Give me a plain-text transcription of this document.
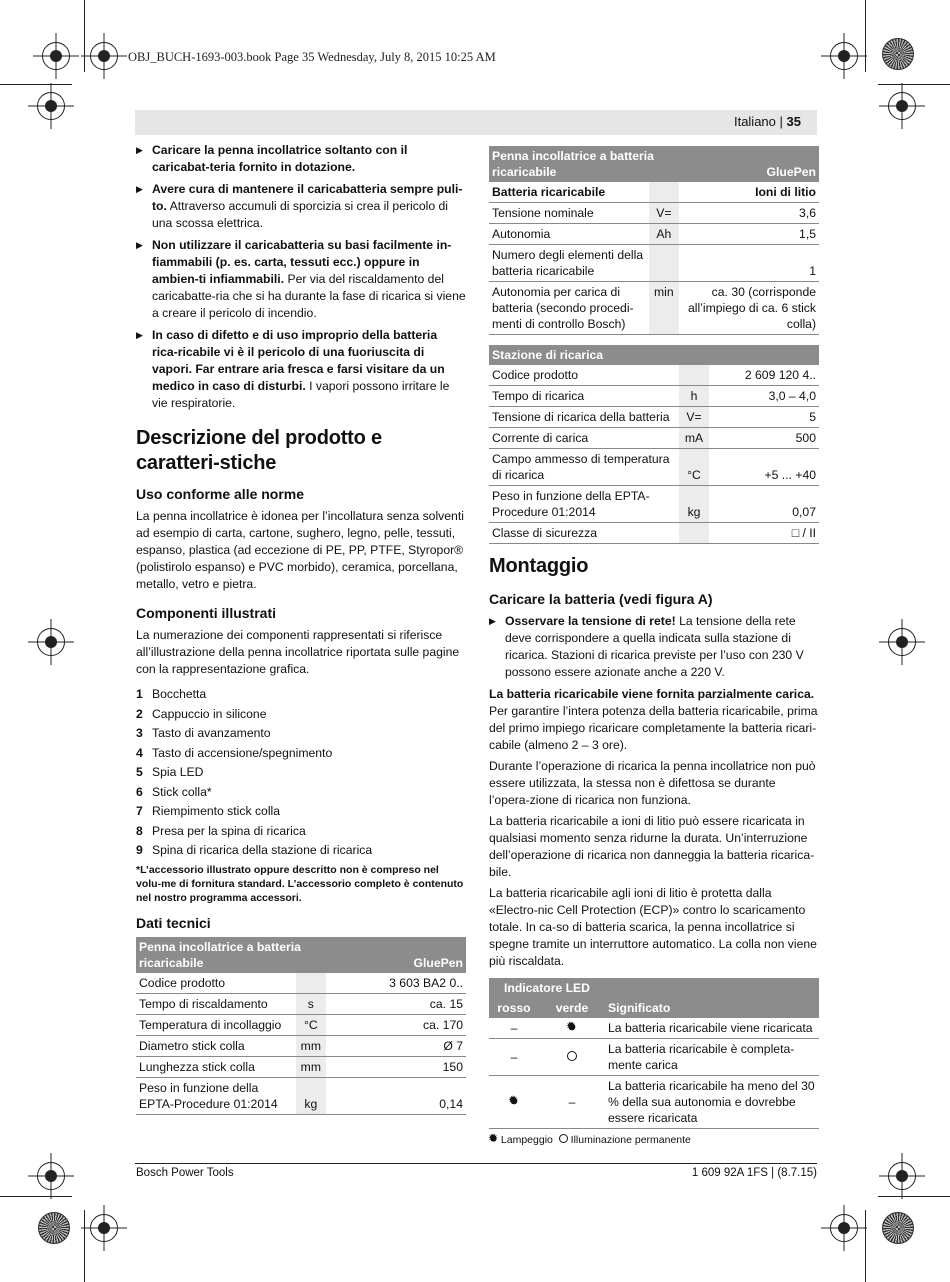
OBJ_BUCH-1693-003.book Page 35 Wednesday, July 8, 2015 10:25 AM
Italiano | 35
▶ Caricare la penna incollatrice soltanto con il caricabat-teria fornito in dotazione.
▶ Avere cura di mantenere il caricabatteria sempre puli-to. Attraverso accumuli di sporcizia si crea il pericolo di una scossa elettrica.
▶ Non utilizzare il caricabatteria su basi facilmente in-fiammabili (p. es. carta, tessuti ecc.) oppure in ambien-ti infiammabili. Per via del riscaldamento del caricabatte-ria che si ha durante la fase di ricarica si viene a creare il pericolo di incendio.
▶ In caso di difetto e di uso improprio della batteria rica-ricabile vi è il pericolo di una fuoriuscita di vapori. Far entrare aria fresca e farsi visitare da un medico in caso di disturbi. I vapori possono irritare le vie respiratorie.
Descrizione del prodotto e caratteri-stiche
Uso conforme alle norme

La penna incollatrice è idonea per l’incollatura senza solventi ad esempio di carta, cartone, sughero, legno, pelle, tessuti, espanso, plastica (ad eccezione di PE, PP, PTFE, Styropor® (polistirolo espanso) e PVC morbido), ceramica, porcellana, metallo, vetro e pietra.

Componenti illustrati

La numerazione dei componenti rappresentati si riferisce all’illustrazione della penna incollatrice riportata sulle pagine con la rappresentazione grafica.

1 Bocchetta
2 Cappuccio in silicone
3 Tasto di avanzamento
4 Tasto di accensione/spegnimento
5 Spia LED
6 Stick colla*
7 Riempimento stick colla
8 Presa per la spina di ricarica
9 Spina di ricarica della stazione di ricarica
*L’accessorio illustrato oppure descritto non è compreso nel volu-me di fornitura standard. L’accessorio completo è contenuto nel nostro programma accessori.
Dati tecnici
Penna incollatrice a batteria ricaricabile		GluePen
Codice prodotto		3 603 BA2 0..
Tempo di riscaldamento	s	ca. 15
Temperatura di incollaggio	°C	ca. 170
Diametro stick colla	mm	Ø 7
Lunghezza stick colla	mm	150
Peso in funzione della EPTA-Procedure 01:2014	kg	0,14
Penna incollatrice a batteria ricaricabile		GluePen
Batteria ricaricabile		Ioni di litio
Tensione nominale	V=	3,6
Autonomia	Ah	1,5
Numero degli elementi della batteria ricaricabile		1
Autonomia per carica di batteria (secondo procedi-menti di controllo Bosch)	min	ca. 30 (corrisponde all’impiego di ca. 6 stick colla)
Stazione di ricarica		
Codice prodotto		2 609 120 4..
Tempo di ricarica	h	3,0 – 4,0
Tensione di ricarica della batteria	V=	5
Corrente di carica	mA	500
Campo ammesso di temperatura di ricarica	°C	+5 ... +40
Peso in funzione della EPTA-Procedure 01:2014	kg	0,07
Classe di sicurezza		□ / II
Montaggio
Caricare la batteria (vedi figura A)
▶ Osservare la tensione di rete! La tensione della rete deve corrispondere a quella indicata sulla stazione di ricarica. Stazioni di ricarica previste per l’uso con 230 V possono essere azionate anche a 220 V.

La batteria ricaricabile viene fornita parzialmente carica. Per garantire l’intera potenza della batteria ricaricabile, prima del primo impiego ricaricare completamente la batteria ricari-cabile (almeno 2 – 3 ore).

Durante l’operazione di ricarica la penna incollatrice non può essere utilizzata, la stessa non è difettosa se durante l’opera-zione di ricarica non funziona.

La batteria ricaricabile a ioni di litio può essere ricaricata in qualsiasi momento senza ridurne la durata. Un’interruzione dell’operazione di ricarica non danneggia la batteria ricarica-bile.

La batteria ricaricabile agli ioni di litio è protetta dalla «Electro-nic Cell Protection (ECP)» contro lo scaricamento totale. In ca-so di batteria scarica, la penna incollatrice si spegne tramite un interruttore automatico. La colla non viene più riscaldata.

Indicatore LED		
rosso	verde	Significato
–	✹	La batteria ricaricabile viene ricaricata
–		La batteria ricaricabile è completa-mente carica
✹	–	La batteria ricaricabile ha meno del 30 % della sua autonomia e dovrebbe essere ricaricata
✹ Lampeggio Illuminazione permanente
Bosch Power Tools	1 609 92A 1FS | (8.7.15)
